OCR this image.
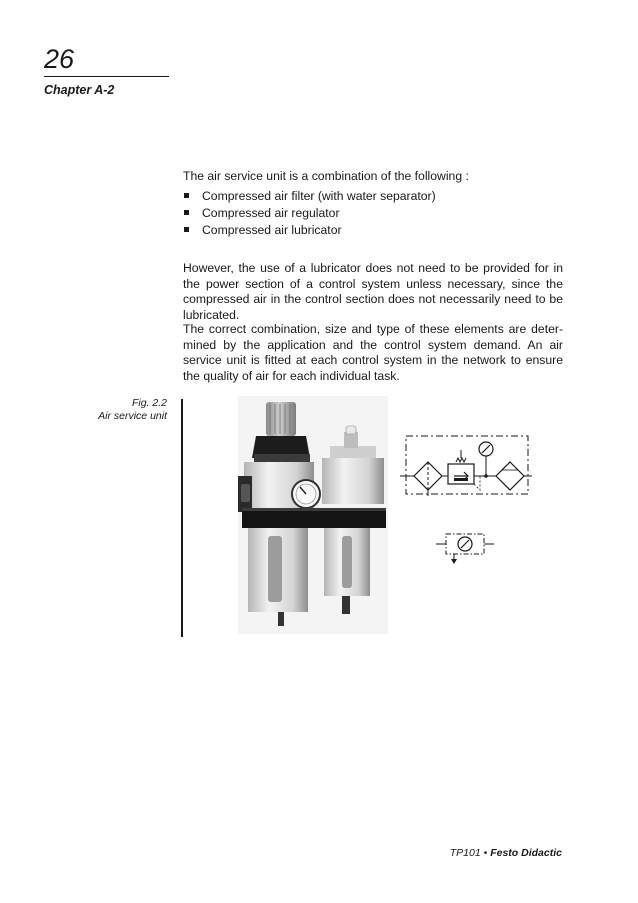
26
Chapter A-2

The air service unit is a combination of the following :

Compressed air filter (with water separator)
Compressed air regulator
Compressed air lubricator

However, the use of a lubricator does not need to be provided for in the power section of a control system unless necessary, since the compressed air in the control section does not necessarily need to be lubricated.

The correct combination, size and type of these elements are determined by the application and the control system demand. An air service unit is fitted at each control system in the network to ensure the quality of air for each individual task.

Fig. 2.2
Air service unit
TP101 • Festo Didactic
